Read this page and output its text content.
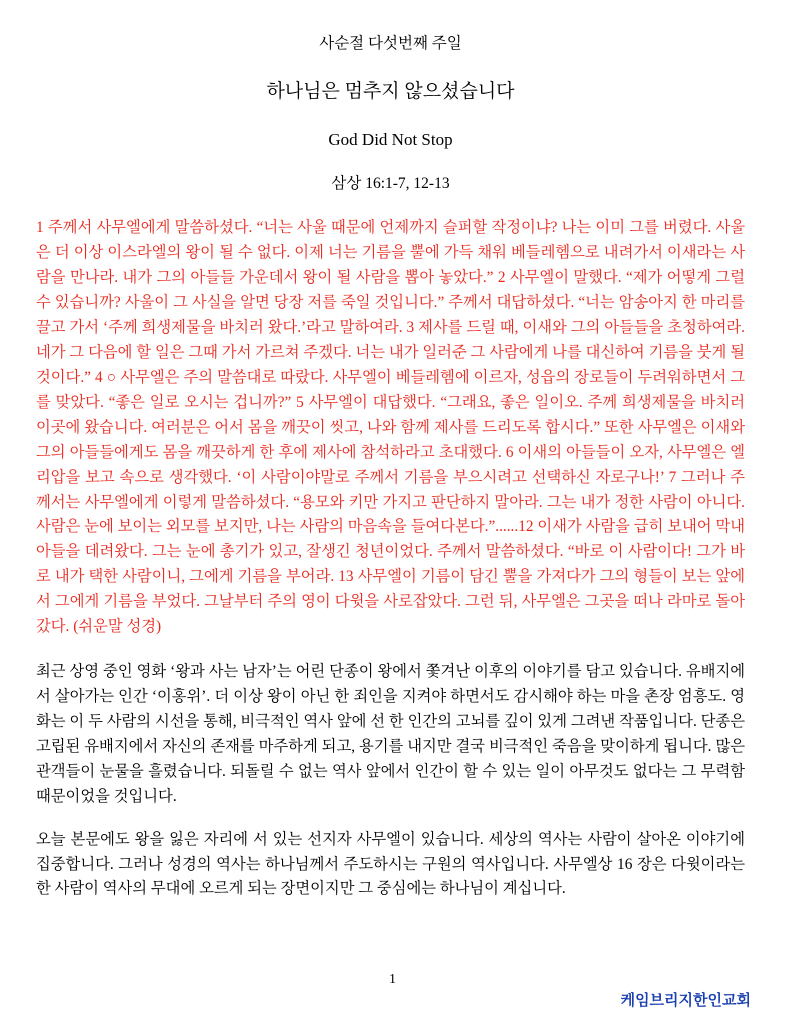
사순절 다섯번째 주일
하나님은 멈추지 않으셨습니다
God Did Not Stop
삼상 16:1-7, 12-13

1 주께서 사무엘에게 말씀하셨다. “너는 사울 때문에 언제까지 슬퍼할 작정이냐? 나는 이미 그를 버렸다. 사울은 더 이상 이스라엘의 왕이 될 수 없다. 이제 너는 기름을 뿔에 가득 채워 베들레헴으로 내려가서 이새라는 사람을 만나라. 내가 그의 아들들 가운데서 왕이 될 사람을 뽑아 놓았다.” 2 사무엘이 말했다. “제가 어떻게 그럴 수 있습니까? 사울이 그 사실을 알면 당장 저를 죽일 것입니다.” 주께서 대답하셨다. “너는 암송아지 한 마리를 끌고 가서 ‘주께 희생제물을 바치러 왔다.’라고 말하여라. 3 제사를 드릴 때, 이새와 그의 아들들을 초청하여라. 네가 그 다음에 할 일은 그때 가서 가르쳐 주겠다. 너는 내가 일러준 그 사람에게 나를 대신하여 기름을 붓게 될 것이다.” 4 ○ 사무엘은 주의 말씀대로 따랐다. 사무엘이 베들레헴에 이르자, 성읍의 장로들이 두려워하면서 그를 맞았다. “좋은 일로 오시는 겁니까?” 5 사무엘이 대답했다. “그래요, 좋은 일이오. 주께 희생제물을 바치러 이곳에 왔습니다. 여러분은 어서 몸을 깨끗이 씻고, 나와 함께 제사를 드리도록 합시다.” 또한 사무엘은 이새와 그의 아들들에게도 몸을 깨끗하게 한 후에 제사에 참석하라고 초대했다. 6 이새의 아들들이 오자, 사무엘은 엘리압을 보고 속으로 생각했다. ‘이 사람이야말로 주께서 기름을 부으시려고 선택하신 자로구나!’ 7 그러나 주께서는 사무엘에게 이렇게 말씀하셨다. “용모와 키만 가지고 판단하지 말아라. 그는 내가 정한 사람이 아니다. 사람은 눈에 보이는 외모를 보지만, 나는 사람의 마음속을 들여다본다.”......12 이새가 사람을 급히 보내어 막내아들을 데려왔다. 그는 눈에 총기가 있고, 잘생긴 청년이었다. 주께서 말씀하셨다. “바로 이 사람이다! 그가 바로 내가 택한 사람이니, 그에게 기름을 부어라. 13 사무엘이 기름이 담긴 뿔을 가져다가 그의 형들이 보는 앞에서 그에게 기름을 부었다. 그날부터 주의 영이 다윗을 사로잡았다. 그런 뒤, 사무엘은 그곳을 떠나 라마로 돌아갔다. (쉬운말 성경)

최근 상영 중인 영화 ‘왕과 사는 남자’는 어린 단종이 왕에서 쫓겨난 이후의 이야기를 담고 있습니다. 유배지에서 살아가는 인간 ‘이홍위’. 더 이상 왕이 아닌 한 죄인을 지켜야 하면서도 감시해야 하는 마을 촌장 엄흥도. 영화는 이 두 사람의 시선을 통해, 비극적인 역사 앞에 선 한 인간의 고뇌를 깊이 있게 그려낸 작품입니다. 단종은 고립된 유배지에서 자신의 존재를 마주하게 되고, 용기를 내지만 결국 비극적인 죽음을 맞이하게 됩니다. 많은 관객들이 눈물을 흘렸습니다. 되돌릴 수 없는 역사 앞에서 인간이 할 수 있는 일이 아무것도 없다는 그 무력함 때문이었을 것입니다.

오늘 본문에도 왕을 잃은 자리에 서 있는 선지자 사무엘이 있습니다. 세상의 역사는 사람이 살아온 이야기에 집중합니다. 그러나 성경의 역사는 하나님께서 주도하시는 구원의 역사입니다. 사무엘상 16 장은 다윗이라는 한 사람이 역사의 무대에 오르게 되는 장면이지만 그 중심에는 하나님이 계십니다.

1
케임브리지한인교회
